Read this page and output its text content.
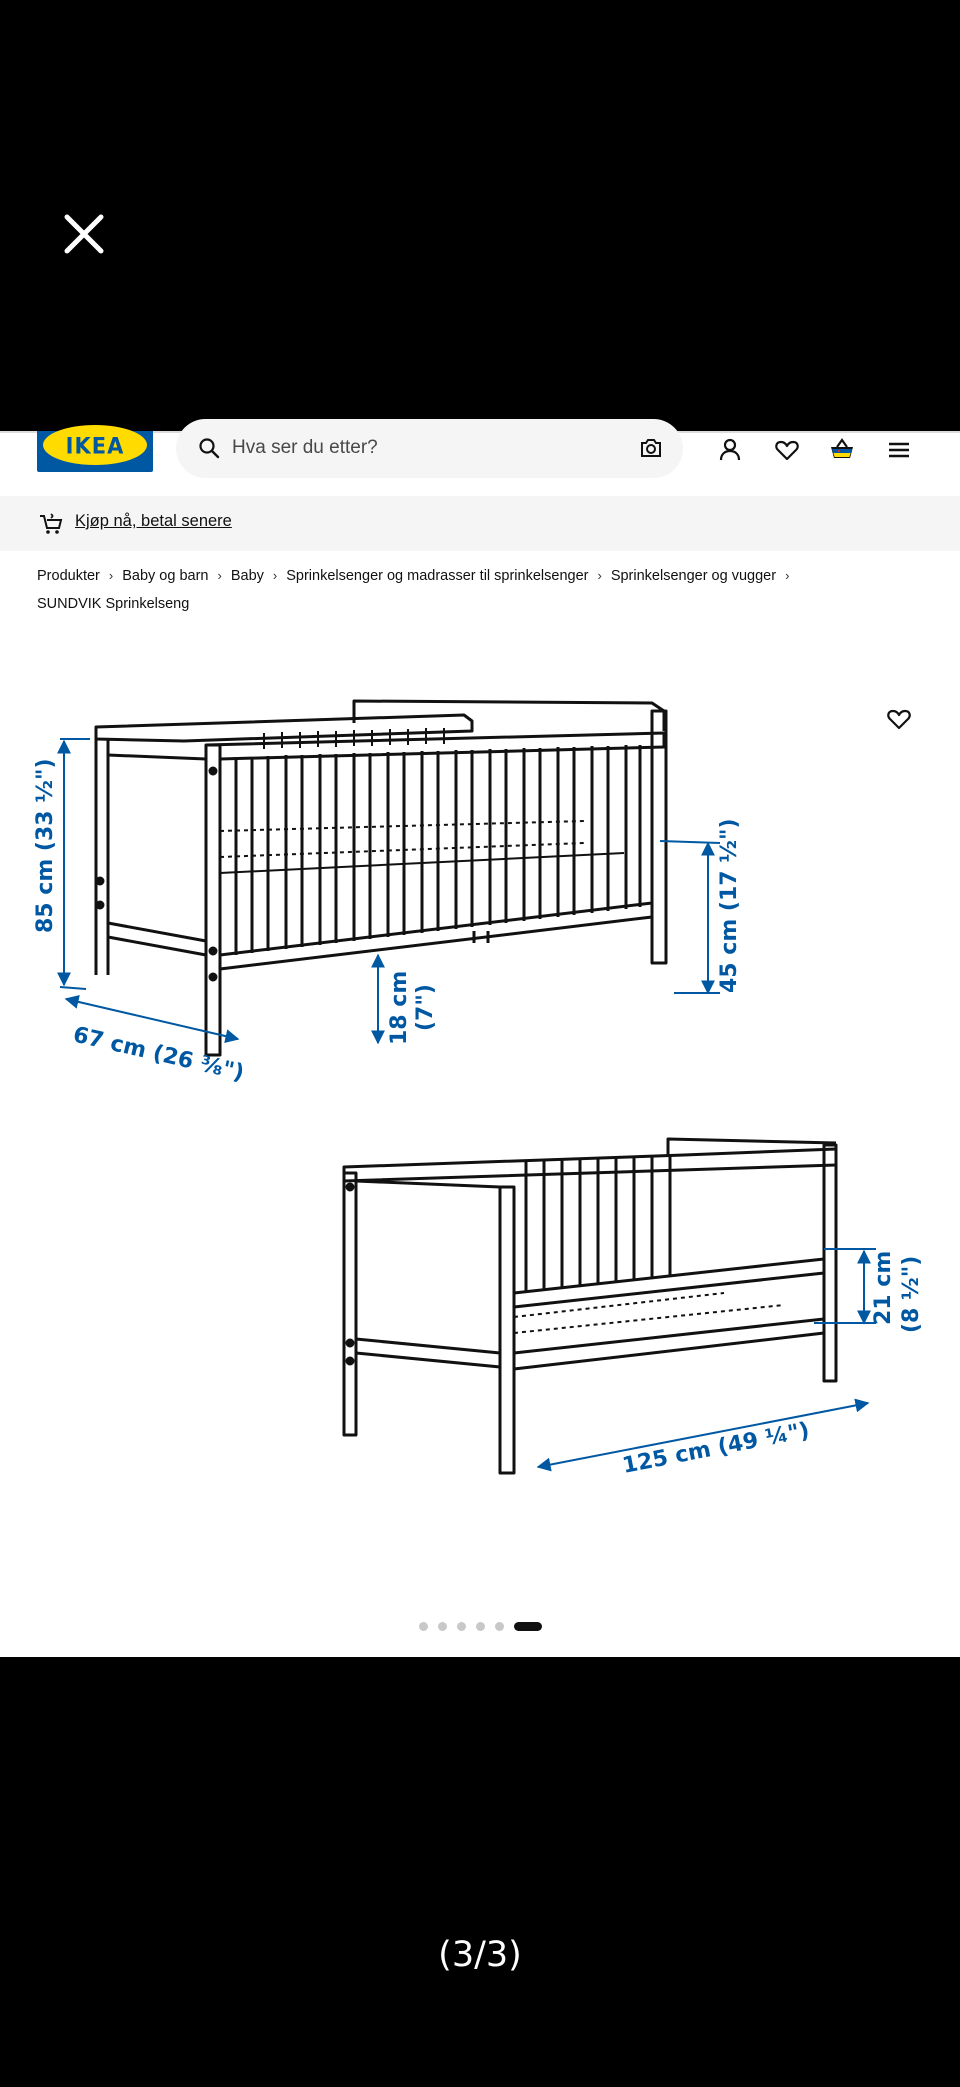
IKEA
Hva ser du etter?
Kjøp nå, betal senere
Produkter › Baby og barn › Baby › Sprinkelsenger og madrasser til sprinkelsenger › Sprinkelsenger og vugger ›
SUNDVIK Sprinkelseng
85 cm (33 ½")
67 cm (26 ⅜")
18 cm (7")
45 cm (17 ½")
21 cm (8 ½")
125 cm (49 ¼")
(3/3)
